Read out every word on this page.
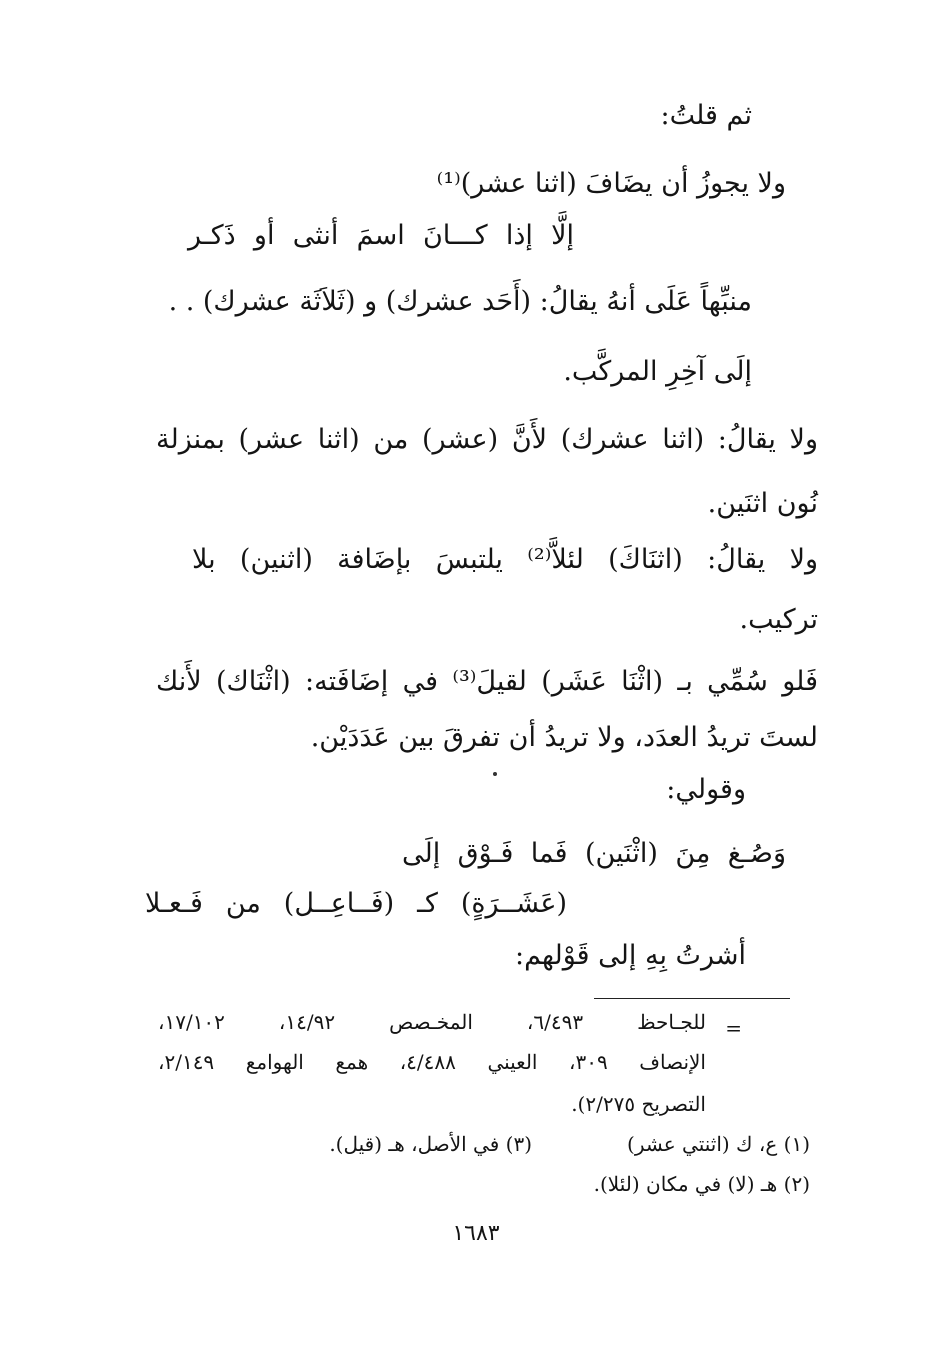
ثم قلتُ:
ولا يجوزُ أن يضَافَ (اثنا عشر)⁽¹⁾
إلَّا إذا كـــانَ اسمَ أنثى أو ذَكـر
منبِّهاً عَلَى أنهُ يقالُ: (أَحَد عشرك) و (ثَلاَثَة عشرك) . .
إلَى آخِرِ المركَّب.
ولا يقالُ: (اثنا عشرك) لأَنَّ (عشر) من (اثنا عشر) بمنزلة
نُون اثنَين.
ولا يقالُ: (اثنَاكَ) لئلاَّ⁽²⁾ يلتبسَ بإضَافة (اثنين) بلا
تركيب.
فَلو سُمِّي بـ (اثْنَا عَشَر) لقيلَ⁽³⁾ في إضَافَته: (اثْنَاك) لأَنك
لستَ تريدُ العدَد، ولا تريدُ أن تفرقَ بين عَدَدَيْن.
وقولي:
وَصُـغ مِنَ (اثْنَين) فَما فَـوْق إلَى
(عَشَــرَةٍ) كـ (فَــاعِــل) من فَـعـلا
أشرتُ بِهِ إلى قَوْلهم:
=
للجـاحظ ٦/٤٩٣، المخـصص ١٤/٩٢، ١٧/١٠٢،
الإنصاف ٣٠٩، العيني ٤/٤٨٨، همع الهوامع ٢/١٤٩،
التصريح ٢/٢٧٥).
(١) ع، ك (اثنتي عشر)
(٣) في الأصل، هـ (قيل).
(٢) هـ (لا) في مكان (لئلا).
١٦٨٣
